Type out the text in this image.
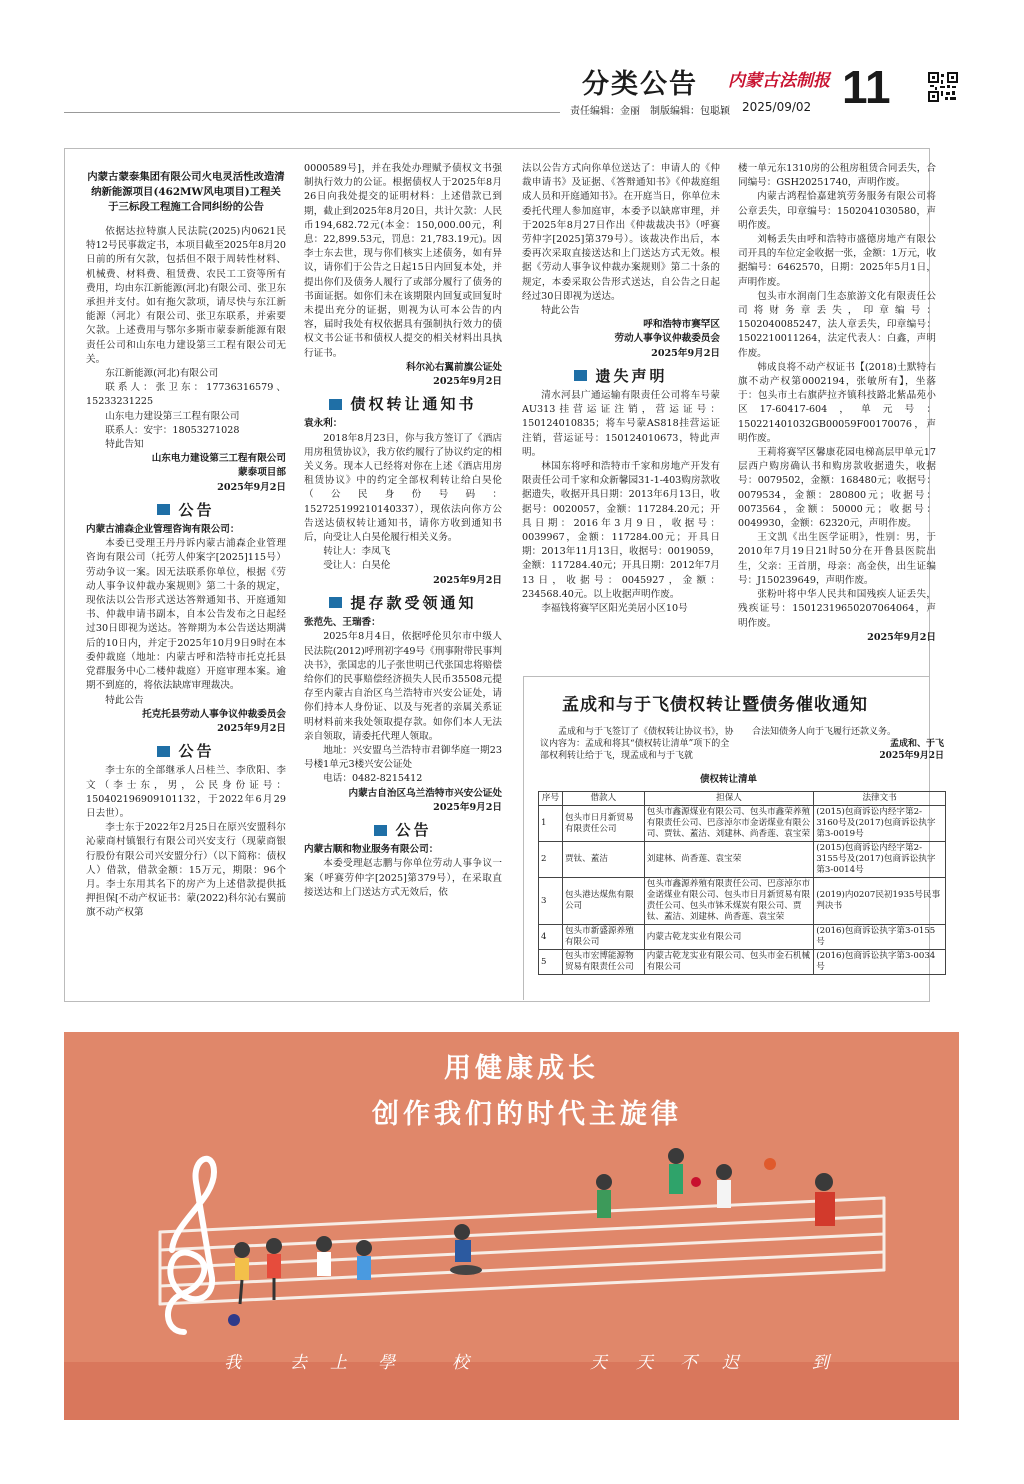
分类公告 内蒙古法制报 11
责任编辑：金丽　制版编辑：包聪颖 2025/09/02

内蒙古蒙泰集团有限公司火电灵活性改造清纳新能源项目(462MW风电项目)工程关于三标段工程施工合同纠纷的公告

依据达拉特旗人民法院(2025)内0621民特12号民事裁定书，本项目截至2025年8月20日前的所有欠款，包括但不限于周转性材料、机械费、材料费、租赁费、农民工工资等所有费用，均由东江新能源(河北)有限公司、张卫东承担并支付。如有拖欠款项，请尽快与东江新能源（河北）有限公司、张卫东联系，并索要欠款。上述费用与鄂尔多斯市蒙泰新能源有限责任公司和山东电力建设第三工程有限公司无关。

东江新能源(河北)有限公司

联系人：张卫东：17736316579、15233231225

山东电力建设第三工程有限公司

联系人：安宇：18053271028

特此告知

山东电力建设第三工程有限公司

蒙泰项目部

2025年9月2日

公告

内蒙古浦森企业管理咨询有限公司：

本委已受理王丹丹诉内蒙古浦森企业管理咨询有限公司（托劳人仲案字[2025]115号）劳动争议一案。因无法联系你单位，根据《劳动人事争议仲裁办案规则》第二十条的规定，现依法以公告形式送达答辩通知书、开庭通知书、仲裁申请书副本，自本公告发布之日起经过30日即视为送达。答辩期为本公告送达期满后的10日内，并定于2025年10月9日9时在本委仲裁庭（地址：内蒙古呼和浩特市托克托县党群服务中心二楼仲裁庭）开庭审理本案。逾期不到庭的，将依法缺席审理裁决。

特此公告

托克托县劳动人事争议仲裁委员会

2025年9月2日

公告

李士东的全部继承人吕桂兰、李欣阳、李文（李士东，男，公民身份证号：150402196909101132，于2022年6月29日去世）。

李士东于2022年2月25日在原兴安盟科尔沁蒙商村镇银行有限公司兴安支行（现蒙商银行股份有限公司兴安盟分行）（以下简称：债权人）借款，借款金额：15万元，期限：96个月。李士东用其名下的房产为上述借款提供抵押担保[不动产权证书：蒙(2022)科尔沁右翼前旗不动产权第

0000589号]，并在我处办理赋予债权文书强制执行效力的公证。根据债权人于2025年8月26日向我处提交的证明材料：上述借款已到期，截止到2025年8月20日，共计欠款：人民币194,682.72元(本金：150,000.00元，利息：22,899.53元，罚息：21,783.19元)。因李士东去世，现与你们核实上述债务，如有异议，请你们于公告之日起15日内回复本处，并提出你们及债务人履行了或部分履行了债务的书面证据。如你们未在该期限内回复或回复时未提出充分的证据，则视为认可本公告的内容，届时我处有权依据具有强制执行效力的债权文书公证书和债权人提交的相关材料出具执行证书。

科尔沁右翼前旗公证处

2025年9月2日

债权转让通知书

袁永利：

2018年8月23日，你与我方签订了《酒店用房租赁协议》，我方依约履行了协议约定的相关义务。现本人已经将对你在上述《酒店用房租赁协议》中的约定全部权利转让给白昊伦（公民身份号码：152725199210140337），现依法向你方公告送达债权转让通知书，请你方收到通知书后，向受让人白昊伦履行相关义务。

转让人：李凤飞

受让人：白昊伦

2025年9月2日

提存款受领通知

张范先、王瑞香：

2025年8月4日，依据呼伦贝尔市中级人民法院(2012)呼刑初字49号《刑事附带民事判决书》，张国忠的儿子张世明已代张国忠将赔偿给你们的民事赔偿经济损失人民币35508元提存至内蒙古自治区乌兰浩特市兴安公证处，请你们持本人身份证、以及与死者的亲属关系证明材料前来我处领取提存款。如你们本人无法亲自领取，请委托代理人领取。

地址：兴安盟乌兰浩特市君御华庭一期23号楼1单元3楼兴安公证处

电话：0482-8215412

内蒙古自治区乌兰浩特市兴安公证处

2025年9月2日

公告

内蒙古顺和物业服务有限公司：

本委受理赵志鹏与你单位劳动人事争议一案（呼赛劳仲字[2025]第379号），在采取直接送达和上门送达方式无效后，依

法以公告方式向你单位送达了：申请人的《仲裁申请书》及证据、《答辩通知书》《仲裁庭组成人员和开庭通知书》。在开庭当日，你单位未委托代理人参加庭审，本委予以缺席审理，并于2025年8月27日作出《仲裁裁决书》（呼赛劳仲字[2025]第379号）。该裁决作出后，本委再次采取直接送达和上门送达方式无效。根据《劳动人事争议仲裁办案规则》第二十条的规定，本委采取公告形式送达，自公告之日起经过30日即视为送达。

特此公告

呼和浩特市赛罕区

劳动人事争议仲裁委员会

2025年9月2日

遗失声明

清水河县广通运输有限责任公司将车号蒙AU313挂营运证注销，营运证号：150124010835；将车号蒙AS818挂营运证注销，营运证号：150124010673，特此声明。

林国东将呼和浩特市千家和房地产开发有限责任公司千家和众新馨园31-1-403购房款收据遗失，收据开具日期：2013年6月13日，收据号：0020057，金额：117284.20元；开具日期：2016年3月9日，收据号：0039967，金额：117284.00元；开具日期：2013年11月13日，收据号：0019059，金额：117284.40元；开具日期：2012年7月13日，收据号：0045927，金额：234568.40元。以上收据声明作废。

李福钱将赛罕区阳光美居小区10号

楼一单元东1310房的公租房租赁合同丢失，合同编号：GSH20251740，声明作废。

内蒙古鸿程恰嘉建筑劳务服务有限公司将公章丢失，印章编号：1502041030580，声明作废。

刘畅丢失由呼和浩特市盛德房地产有限公司开具的车位定金收据一张，金额：1万元，收据编号：6462570，日期：2025年5月1日，声明作废。

包头市水润南门生态旅游文化有限责任公司将财务章丢失，印章编号：1502040085247，法人章丢失，印章编号：1502210011264，法定代表人：白鑫，声明作废。

韩成良将不动产权证书【(2018)土默特右旗不动产权第0002194，张敏所有】，坐落于：包头市土右旗萨拉齐镇科技路北紫晶苑小区17-60417-604，单元号：150221401032GB00059F00170076，声明作废。

王莉将赛罕区馨康花园电梯高层甲单元17层西户购房确认书和购房款收据遗失，收据号：0079502，金额：168480元；收据号：0079534，金额：280800元；收据号：0073564，金额：50000元；收据号：0049930，金额：62320元，声明作废。

王文凯《出生医学证明》，性别：男，于2010年7月19日21时50分在开鲁县医院出生，父亲：王首朋，母亲：高金侠，出生证编号：J150239649，声明作废。

张粉叶将中华人民共和国残疾人证丢失，残疾证号：15012319650207064064，声明作废。

2025年9月2日

孟成和与于飞债权转让暨债务催收通知
孟成和与于飞签订了《债权转让协议书》，协议内容为：孟成和将其“债权转让清单”项下的全部权利转让给于飞，现孟成和与于飞就
合法知债务人向于飞履行还款义务。
孟成和、于飞
2025年9月2日
债权转让清单
序号	借款人	担保人	法律文书
1	包头市日月新贸易有限责任公司	包头市鑫源煤业有限公司、包头市鑫荣养殖有限责任公司、巴彦淖尔市金诺煤业有限公司、贾钛、蓋洁、刘建林、尚香莲、袁宝荣	(2015)包商诉讼内经字第2-3160号及(2017)包商诉讼执字第3-0019号
2	贾钛、蓋洁	刘建林、尚香莲、袁宝荣	(2015)包商诉讼内经字第2-3155号及(2017)包商诉讼执字第3-0014号
3	包头港达煤焦有限公司	包头市鑫源养殖有限责任公司、巴彦淖尔市金诺煤业有限公司、包头市日月新贸易有限责任公司、包头市钵禾煤炭有限公司、贾钛、蓋洁、刘建林、尚香莲、袁宝荣	(2019)内0207民初1935号民事判决书
4	包头市新盛源养殖有限公司	内蒙古乾龙实业有限公司	(2016)包商诉讼执字第3-0155号
5	包头市宏博能源物贸易有限责任公司	内蒙古乾龙实业有限公司、包头市金石机械有限公司	(2016)包商诉讼执字第3-0034号
用健康成长
创作我们的时代主旋律
我	去 上 學	校	天 天 不 迟	到
